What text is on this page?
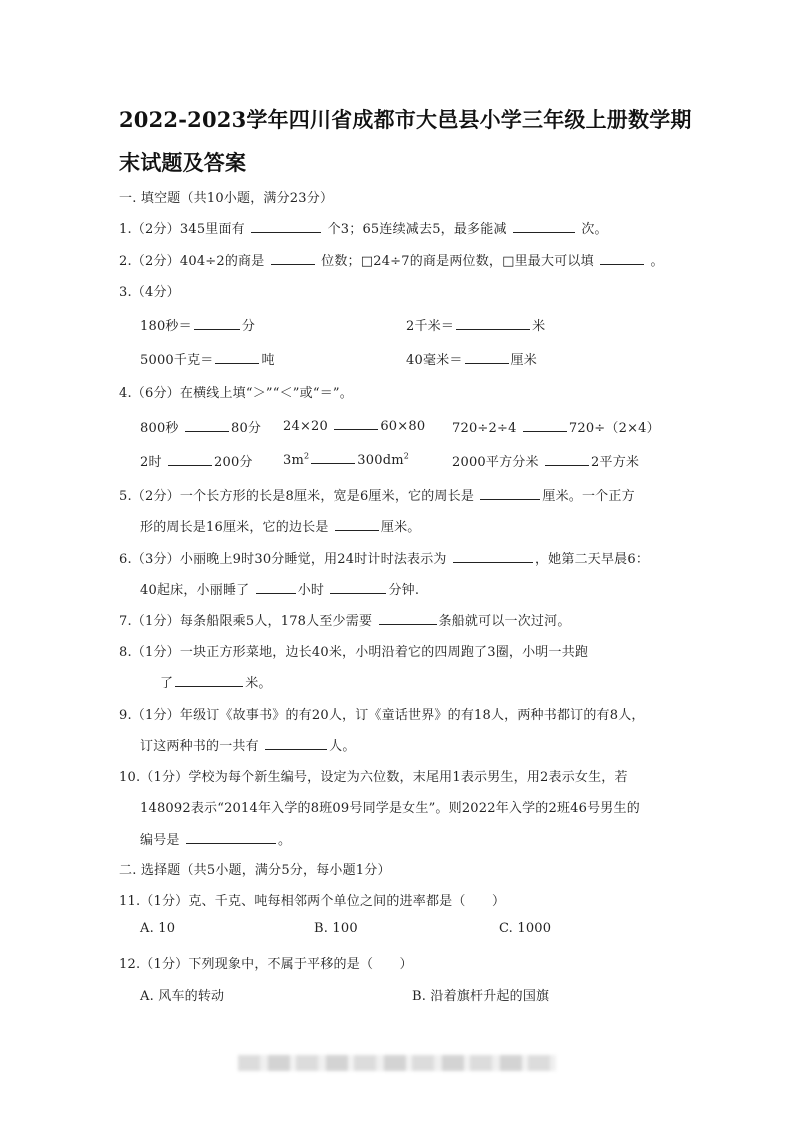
2022-2023学年四川省成都市大邑县小学三年级上册数学期
末试题及答案
一. 填空题（共10小题，满分23分）
1.（2分）345里面有	个3；65连续减去5，最多能减	次。
2.（2分）404÷2的商是	位数；□24÷7的商是两位数，□里最大可以填	。
3.（4分）
180秒＝	分	2千米＝	米
5000千克＝	吨	40毫米＝	厘米
4.（6分）在横线上填“＞”“＜”或“＝”。
800秒	80分 24×20	60×80 720÷2÷4	720÷（2×4）
2时	200分 $3m^2$	$300dm^2$	2000平方分米	2平方米
5.（2分）一个长方形的长是8厘米，宽是6厘米，它的周长是	厘米。一个正方
形的周长是16厘米，它的边长是	厘米。
6.（3分）小丽晚上9时30分睡觉，用24时计时法表示为	，她第二天早晨6：
40起床，小丽睡了	小时	分钟.
7.（1分）每条船限乘5人，178人至少需要	条船就可以一次过河。
8.（1分）一块正方形菜地，边长40米，小明沿着它的四周跑了3圈，小明一共跑
了	米。
9.（1分）年级订《故事书》的有20人，订《童话世界》的有18人，两种书都订的有8人，
订这两种书的一共有	人。
10.（1分）学校为每个新生编号，设定为六位数，末尾用1表示男生，用2表示女生，若
148092表示“2014年入学的8班09号同学是女生”。则2022年入学的2班46号男生的
编号是	。
二. 选择题（共5小题，满分5分，每小题1分）
11.（1分）克、千克、吨每相邻两个单位之间的进率都是（　　）
A. 10	B. 100	C. 1000
12.（1分）下列现象中，不属于平移的是（　　）
A. 风车的转动	B. 沿着旗杆升起的国旗
